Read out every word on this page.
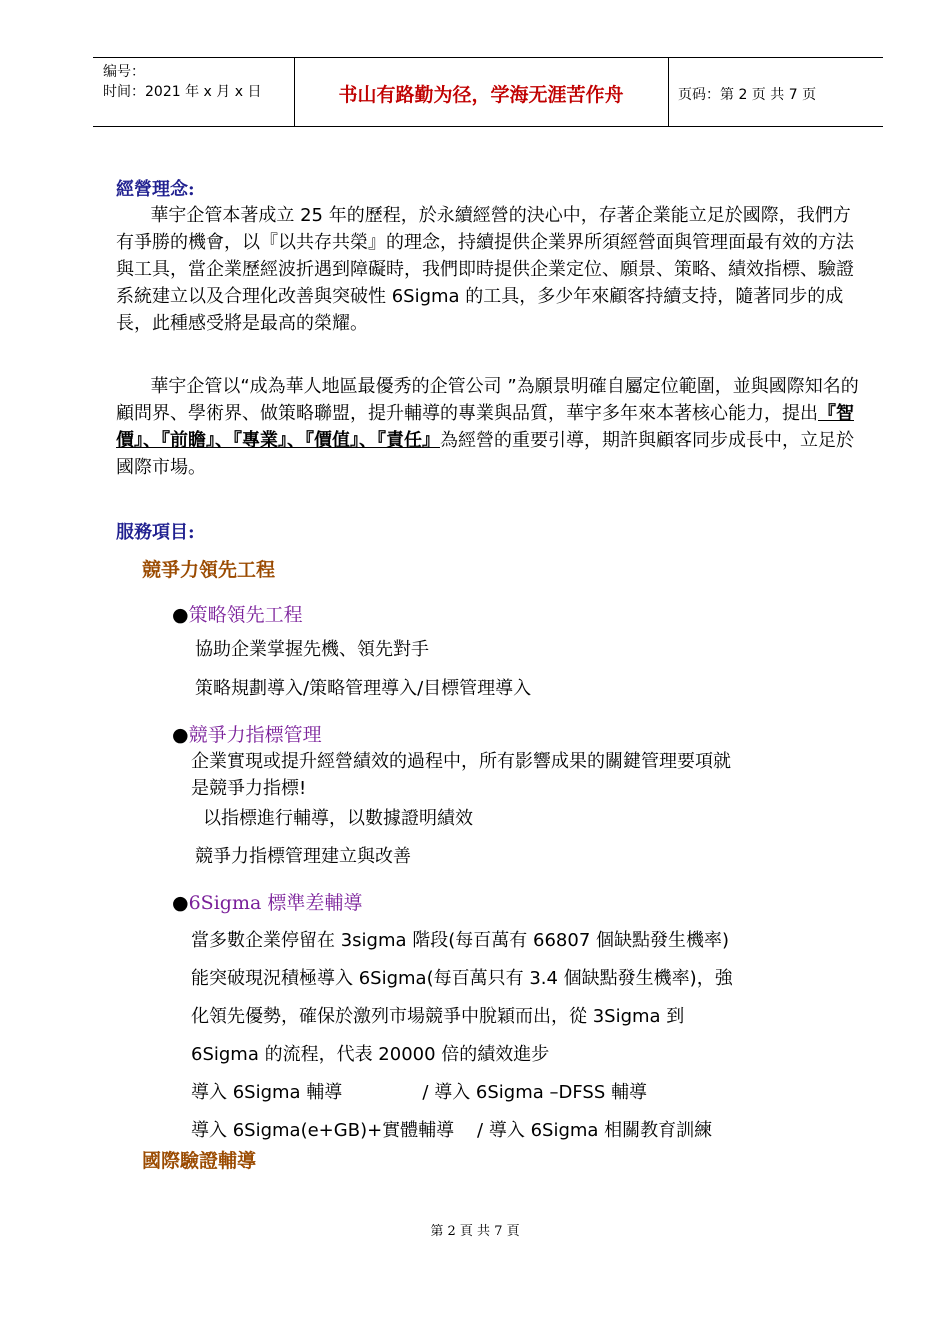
编号：
时间：2021 年 x 月 x 日	书山有路勤为径，学海无涯苦作舟	页码：第 2 页 共 7 页
經營理念:
華宇企管本著成立 25 年的歷程，於永續經營的決心中，存著企業能立足於國際，我們方有爭勝的機會，以『以共存共榮』的理念，持續提供企業界所須經營面與管理面最有效的方法與工具，當企業歷經波折遇到障礙時，我們即時提供企業定位、願景、策略、績效指標、驗證系統建立以及合理化改善與突破性 6Sigma 的工具，多少年來顧客持續支持，隨著同步的成長，此種感受將是最高的榮耀。
華宇企管以“成為華人地區最優秀的企管公司 ”為願景明確自屬定位範圍，並與國際知名的顧問界、學術界、做策略聯盟，提升輔導的專業與品質，華宇多年來本著核心能力，提出『智價』、『前瞻』、『專業』、『價值』、『責任』為經營的重要引導，期許與顧客同步成長中，立足於國際市場。
服務項目:
競爭力領先工程
●策略領先工程
協助企業掌握先機、領先對手
策略規劃導入/策略管理導入/目標管理導入
●競爭力指標管理
企業實現或提升經營績效的過程中，所有影響成果的關鍵管理要項就
是競爭力指標!
以指標進行輔導，以數據證明績效
競爭力指標管理建立與改善
●6Sigma 標準差輔導
當多數企業停留在 3sigma 階段(每百萬有 66807 個缺點發生機率)
能突破現況積極導入 6Sigma(每百萬只有 3.4 個缺點發生機率)，強
化領先優勢，確保於激列市場競爭中脫穎而出，從 3Sigma 到
6Sigma 的流程，代表 20000 倍的績效進步
導入 6Sigma 輔導              / 導入 6Sigma –DFSS 輔導
導入 6Sigma(e+GB)+實體輔導    / 導入 6Sigma 相關教育訓練
國際驗證輔導
第 2 頁 共 7 頁
